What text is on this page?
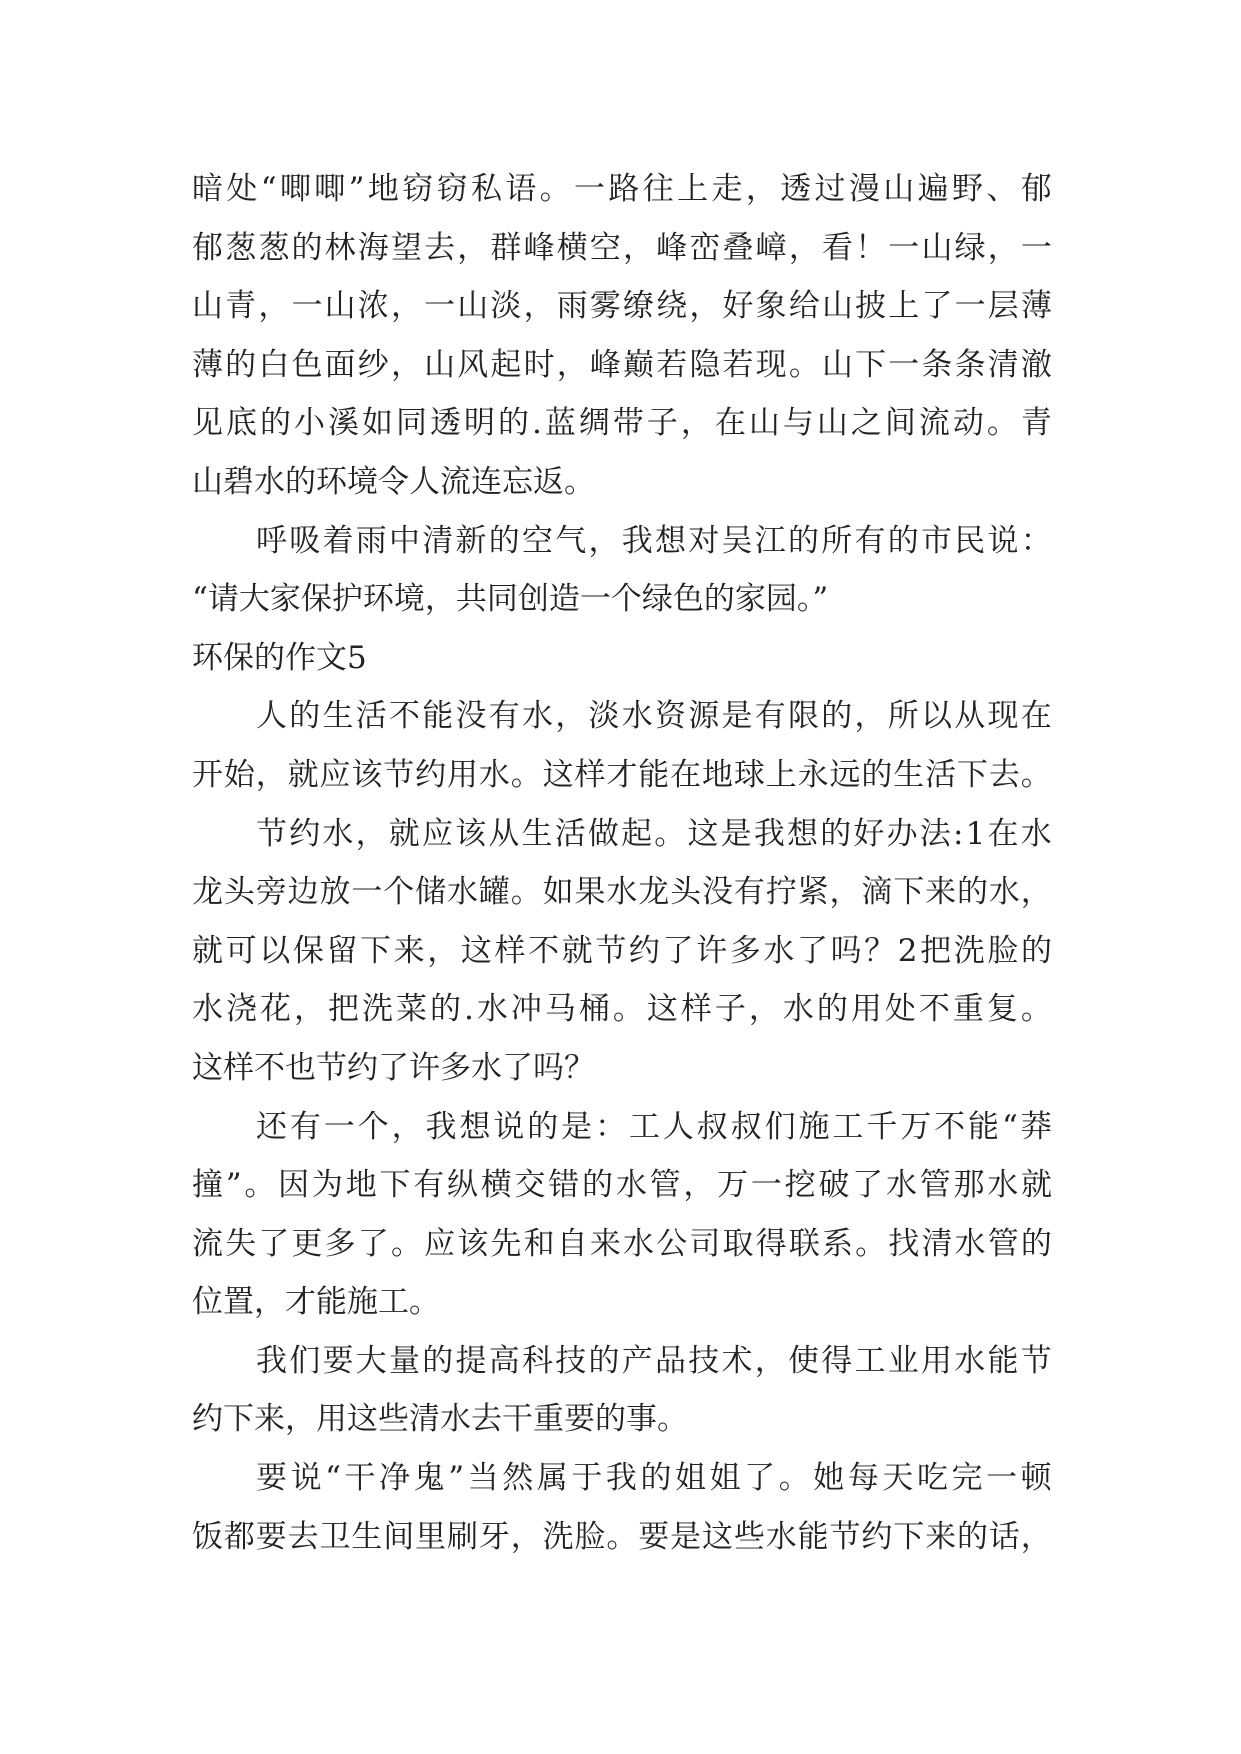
暗 处 “ 唧 唧 ” 地 窃 窃 私 语 。 一 路 往 上 走 ， 透 过 漫 山 遍 野 、 郁
郁 葱 葱 的 林 海 望 去 ， 群 峰 横 空 ， 峰 峦 叠 嶂 ， 看 ！ 一 山 绿 ， 一
山 青 ， 一 山 浓 ， 一 山 淡 ， 雨 雾 缭 绕 ， 好 象 给 山 披 上 了 一 层 薄
薄 的 白 色 面 纱 ， 山 风 起 时 ， 峰 巅 若 隐 若 现 。 山 下 一 条 条 清 澈
见 底 的 小 溪 如 同 透 明 的 . 蓝 绸 带 子 ， 在 山 与 山 之 间 流 动 。 青
山碧水的环境令人流连忘返。
呼 吸 着 雨 中 清 新 的 空 气 ， 我 想 对 吴 江 的 所 有 的 市 民 说 ：
“请大家保护环境，共同创造一个绿色的家园。”
环保的作文5
人 的 生 活 不 能 没 有 水 ， 淡 水 资 源 是 有 限 的 ， 所 以 从 现 在
开 始 ， 就 应 该 节 约 用 水 。 这 样 才 能 在 地 球 上 永 远 的 生 活 下 去 。
节 约 水 ， 就 应 该 从 生 活 做 起 。 这 是 我 想 的 好 办 法 : 1 在 水
龙 头 旁 边 放 一 个 储 水 罐 。 如 果 水 龙 头 没 有 拧 紧 ， 滴 下 来 的 水 ，
就 可 以 保 留 下 来 ， 这 样 不 就 节 约 了 许 多 水 了 吗 ？ 2 把 洗 脸 的
水 浇 花 ， 把 洗 菜 的 . 水 冲 马 桶 。 这 样 子 ， 水 的 用 处 不 重 复 。
这样不也节约了许多水了吗？
还 有 一 个 ， 我 想 说 的 是 ： 工 人 叔 叔 们 施 工 千 万 不 能 “ 莽
撞 ” 。 因 为 地 下 有 纵 横 交 错 的 水 管 ， 万 一 挖 破 了 水 管 那 水 就
流 失 了 更 多 了 。 应 该 先 和 自 来 水 公 司 取 得 联 系 。 找 清 水 管 的
位置，才能施工。
我 们 要 大 量 的 提 高 科 技 的 产 品 技 术 ， 使 得 工 业 用 水 能 节
约下来，用这些清水去干重要的事。
要 说 “ 干 净 鬼 ” 当 然 属 于 我 的 姐 姐 了 。 她 每 天 吃 完 一 顿
饭 都 要 去 卫 生 间 里 刷 牙 ， 洗 脸 。 要 是 这 些 水 能 节 约 下 来 的 话 ，
